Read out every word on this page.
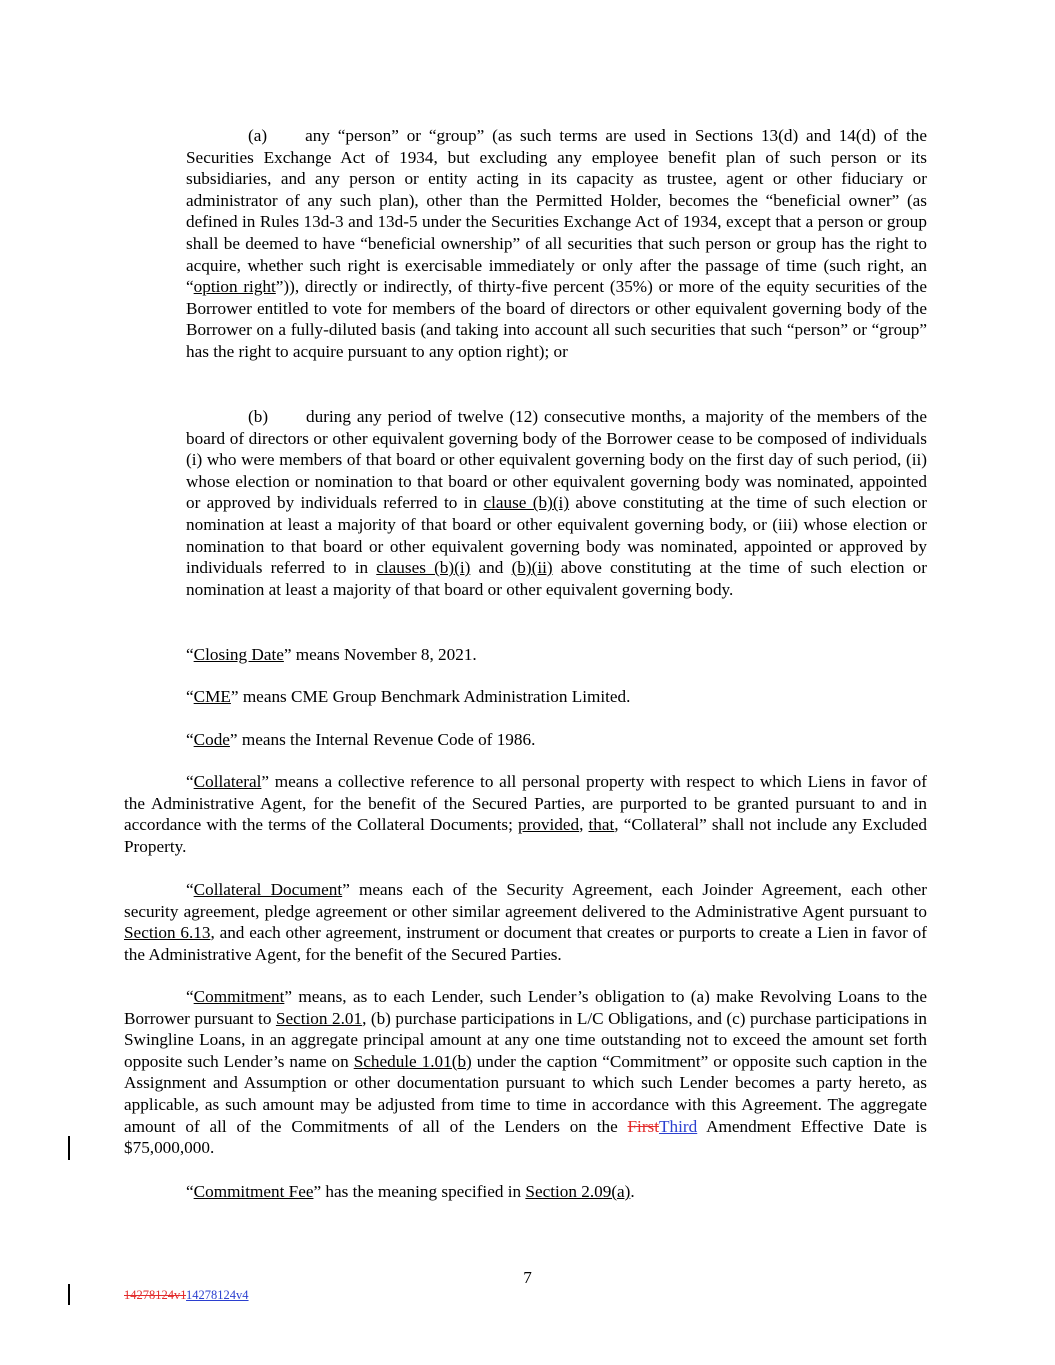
(a) any “person” or “group” (as such terms are used in Sections 13(d) and 14(d) of the Securities Exchange Act of 1934, but excluding any employee benefit plan of such person or its subsidiaries, and any person or entity acting in its capacity as trustee, agent or other fiduciary or administrator of any such plan), other than the Permitted Holder, becomes the “beneficial owner” (as defined in Rules 13d-3 and 13d-5 under the Securities Exchange Act of 1934, except that a person or group shall be deemed to have “beneficial ownership” of all securities that such person or group has the right to acquire, whether such right is exercisable immediately or only after the passage of time (such right, an “option right”)), directly or indirectly, of thirty-five percent (35%) or more of the equity securities of the Borrower entitled to vote for members of the board of directors or other equivalent governing body of the Borrower on a fully-diluted basis (and taking into account all such securities that such “person” or “group” has the right to acquire pursuant to any option right); or

(b) during any period of twelve (12) consecutive months, a majority of the members of the board of directors or other equivalent governing body of the Borrower cease to be composed of individuals (i) who were members of that board or other equivalent governing body on the first day of such period, (ii) whose election or nomination to that board or other equivalent governing body was nominated, appointed or approved by individuals referred to in clause (b)(i) above constituting at the time of such election or nomination at least a majority of that board or other equivalent governing body, or (iii) whose election or nomination to that board or other equivalent governing body was nominated, appointed or approved by individuals referred to in clauses (b)(i) and (b)(ii) above constituting at the time of such election or nomination at least a majority of that board or other equivalent governing body.

“Closing Date” means November 8, 2021.

“CME” means CME Group Benchmark Administration Limited.

“Code” means the Internal Revenue Code of 1986.

“Collateral” means a collective reference to all personal property with respect to which Liens in favor of the Administrative Agent, for the benefit of the Secured Parties, are purported to be granted pursuant to and in accordance with the terms of the Collateral Documents; provided, that, “Collateral” shall not include any Excluded Property.

“Collateral Document” means each of the Security Agreement, each Joinder Agreement, each other security agreement, pledge agreement or other similar agreement delivered to the Administrative Agent pursuant to Section 6.13, and each other agreement, instrument or document that creates or purports to create a Lien in favor of the Administrative Agent, for the benefit of the Secured Parties.

“Commitment” means, as to each Lender, such Lender’s obligation to (a) make Revolving Loans to the Borrower pursuant to Section 2.01, (b) purchase participations in L/C Obligations, and (c) purchase participations in Swingline Loans, in an aggregate principal amount at any one time outstanding not to exceed the amount set forth opposite such Lender’s name on Schedule 1.01(b) under the caption “Commitment” or opposite such caption in the Assignment and Assumption or other documentation pursuant to which such Lender becomes a party hereto, as applicable, as such amount may be adjusted from time to time in accordance with this Agreement. The aggregate amount of all of the Commitments of all of the Lenders on the FirstThird Amendment Effective Date is $75,000,000.

“Commitment Fee” has the meaning specified in Section 2.09(a).

7
14278124v114278124v4
